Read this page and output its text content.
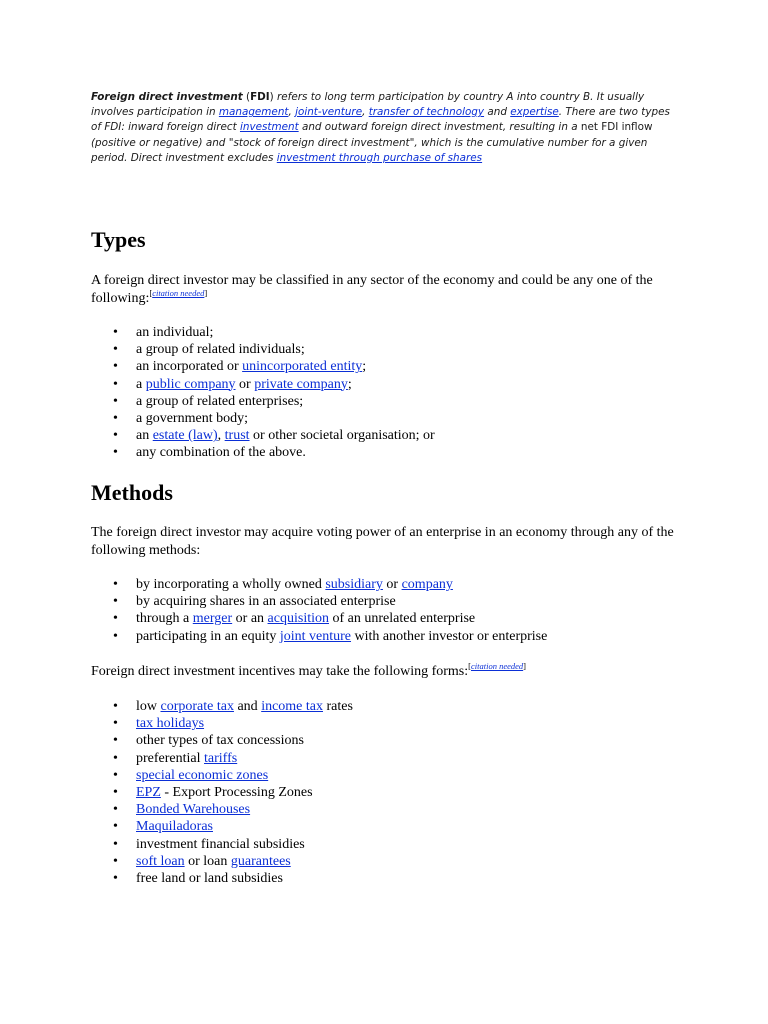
Foreign direct investment (FDI) refers to long term participation by country A into country B. It usually involves participation in management, joint-venture, transfer of technology and expertise. There are two types of FDI: inward foreign direct investment and outward foreign direct investment, resulting in a net FDI inflow (positive or negative) and "stock of foreign direct investment", which is the cumulative number for a given period. Direct investment excludes investment through purchase of shares
Types

A foreign direct investor may be classified in any sector of the economy and could be any one of the following:[citation needed]

• an individual;
• a group of related individuals;
• an incorporated or unincorporated entity;
• a public company or private company;
• a group of related enterprises;
• a government body;
• an estate (law), trust or other societal organisation; or
• any combination of the above.
Methods

The foreign direct investor may acquire voting power of an enterprise in an economy through any of the following methods:

• by incorporating a wholly owned subsidiary or company
• by acquiring shares in an associated enterprise
• through a merger or an acquisition of an unrelated enterprise
• participating in an equity joint venture with another investor or enterprise

Foreign direct investment incentives may take the following forms:[citation needed]

• low corporate tax and income tax rates
• tax holidays
• other types of tax concessions
• preferential tariffs
• special economic zones
• EPZ - Export Processing Zones
• Bonded Warehouses
• Maquiladoras
• investment financial subsidies
• soft loan or loan guarantees
• free land or land subsidies
